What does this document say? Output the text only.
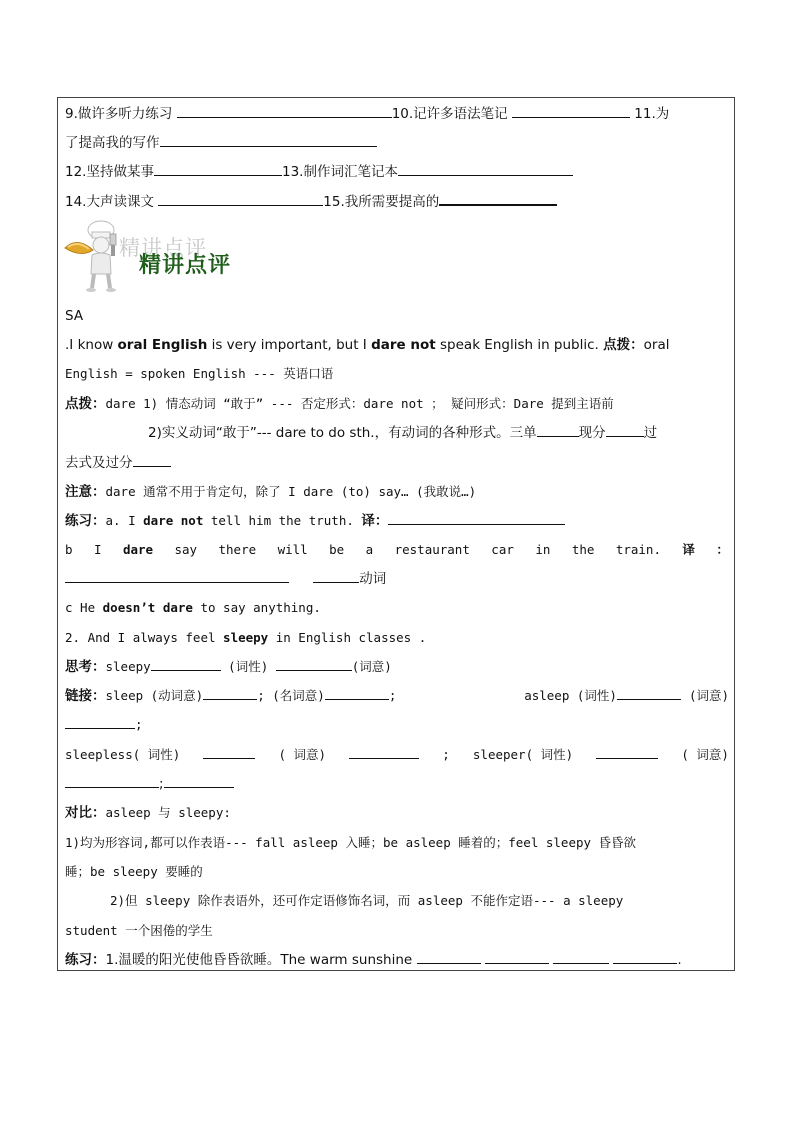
9.做许多听力练习	10.记许多语法笔记	11.为
了提高我的写作
12.坚持做某事	13.制作词汇笔记本
14.大声读课文	15.我所需要提高的
精讲点评
精讲点评
SA
.I know oral English is very important, but I dare not speak English in public. 点拨：oral
English = spoken English --- 英语口语
点拨：dare 1) 情态动词 “敢于” --- 否定形式：dare not ； 疑问形式：Dare 提到主语前
2)实义动词“敢于”--- dare to do sth.，有动词的各种形式。三单	现分	过
去式及过分
注意：dare 通常不用于肯定句，除了 I dare (to) say… (我敢说…)
练习：a. I dare not tell him the truth. 译：
b I dare say there will be a restaurant car in the train. 译 ：
动词
c He doesn’t dare to say anything.
2. And I always feel sleepy in English classes .
思考：sleepy	(词性)	(词意)
链接：sleep (动词意)	; (名词意)	;	asleep (词性)	(词意)
;
sleepless( 词性)	( 词意)	; sleeper( 词性)	( 词意)
;
对比：asleep 与 sleepy:
1)均为形容词,都可以作表语--- fall asleep 入睡；be asleep 睡着的；feel sleepy 昏昏欲
睡；be sleepy 要睡的
2)但 sleepy 除作表语外，还可作定语修饰名词，而 asleep 不能作定语--- a sleepy
student 一个困倦的学生
练习：1.温暖的阳光使他昏昏欲睡。The warm sunshine	.
